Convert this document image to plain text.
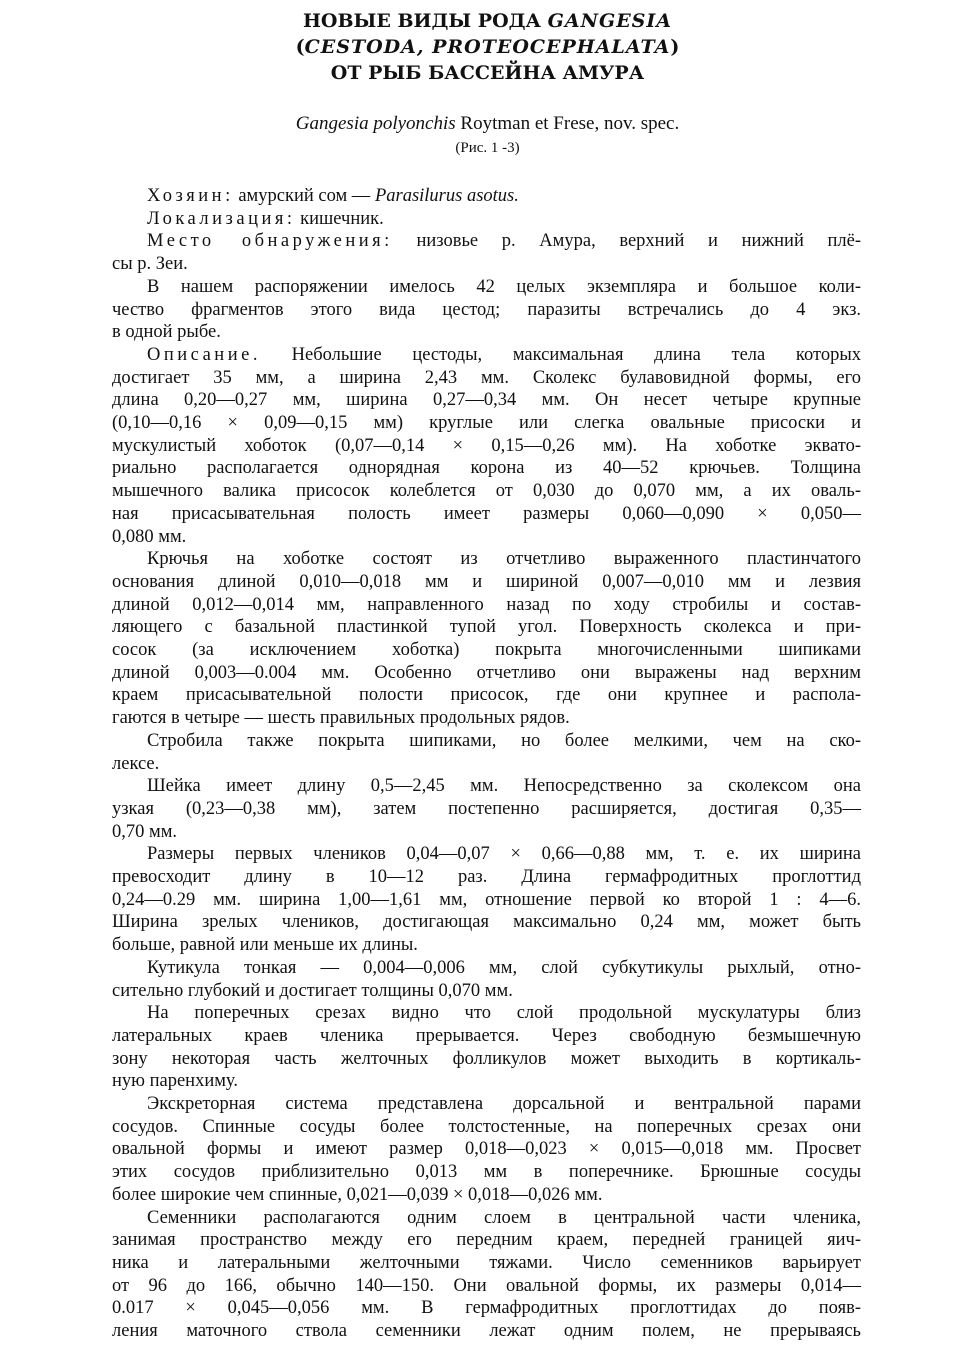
НОВЫЕ ВИДЫ РОДА GANGESIA
(CESTODA, PROTEOCEPHALATA)
ОТ РЫБ БАССЕЙНА АМУРА
Gangesia polyonchis Roytman et Frese, nov. spec.
(Рис. 1 -3)
Хозяин: амурский сом — Parasilurus asotus.
Локализация: кишечник.
Место обнаружения: низовье р. Амура, верхний и нижний плё-
сы р. Зеи.
В нашем распоряжении имелось 42 целых экземпляра и большое коли-
чество фрагментов этого вида цестод; паразиты встречались до 4 экз.
в одной рыбе.
Описание. Небольшие цестоды, максимальная длина тела которых
достигает 35 мм, а ширина 2,43 мм. Сколекс булавовидной формы, его
длина 0,20—0,27 мм, ширина 0,27—0,34 мм. Он несет четыре крупные
(0,10—0,16 × 0,09—0,15 мм) круглые или слегка овальные присоски и
мускулистый хоботок (0,07—0,14 × 0,15—0,26 мм). На хоботке эквато-
риально располагается однорядная корона из 40—52 крючьев. Толщина
мышечного валика присосок колеблется от 0,030 до 0,070 мм, а их оваль-
ная присасывательная полость имеет размеры 0,060—0,090 × 0,050—
0,080 мм.
Крючья на хоботке состоят из отчетливо выраженного пластинчатого
основания длиной 0,010—0,018 мм и шириной 0,007—0,010 мм и лезвия
длиной 0,012—0,014 мм, направленного назад по ходу стробилы и состав-
ляющего с базальной пластинкой тупой угол. Поверхность сколекса и при-
сосок (за исключением хоботка) покрыта многочисленными шипиками
длиной 0,003—0.004 мм. Особенно отчетливо они выражены над верхним
краем присасывательной полости присосок, где они крупнее и распола-
гаются в четыре — шесть правильных продольных рядов.
Стробила также покрыта шипиками, но более мелкими, чем на ско-
лексе.
Шейка имеет длину 0,5—2,45 мм. Непосредственно за сколексом она
узкая (0,23—0,38 мм), затем постепенно расширяется, достигая 0,35—
0,70 мм.
Размеры первых члеников 0,04—0,07 × 0,66—0,88 мм, т. е. их ширина
превосходит длину в 10—12 раз. Длина гермафродитных проглоттид
0,24—0.29 мм. ширина 1,00—1,61 мм, отношение первой ко второй 1 : 4—6.
Ширина зрелых члеников, достигающая максимально 0,24 мм, может быть
больше, равной или меньше их длины.
Кутикула тонкая — 0,004—0,006 мм, слой субкутикулы рыхлый, отно-
сительно глубокий и достигает толщины 0,070 мм.
На поперечных срезах видно что слой продольной мускулатуры близ
латеральных краев членика прерывается. Через свободную безмышечную
зону некоторая часть желточных фолликулов может выходить в кортикаль-
ную паренхиму.
Экскреторная система представлена дорсальной и вентральной парами
сосудов. Спинные сосуды более толстостенные, на поперечных срезах они
овальной формы и имеют размер 0,018—0,023 × 0,015—0,018 мм. Просвет
этих сосудов приблизительно 0,013 мм в поперечнике. Брюшные сосуды
более широкие чем спинные, 0,021—0,039 × 0,018—0,026 мм.
Семенники располагаются одним слоем в центральной части членика,
занимая пространство между его передним краем, передней границей яич-
ника и латеральными желточными тяжами. Число семенников варьирует
от 96 до 166, обычно 140—150. Они овальной формы, их размеры 0,014—
0.017 × 0,045—0,056 мм. В гермафродитных проглоттидах до появ-
ления маточного ствола семенники лежат одним полем, не прерываясь
